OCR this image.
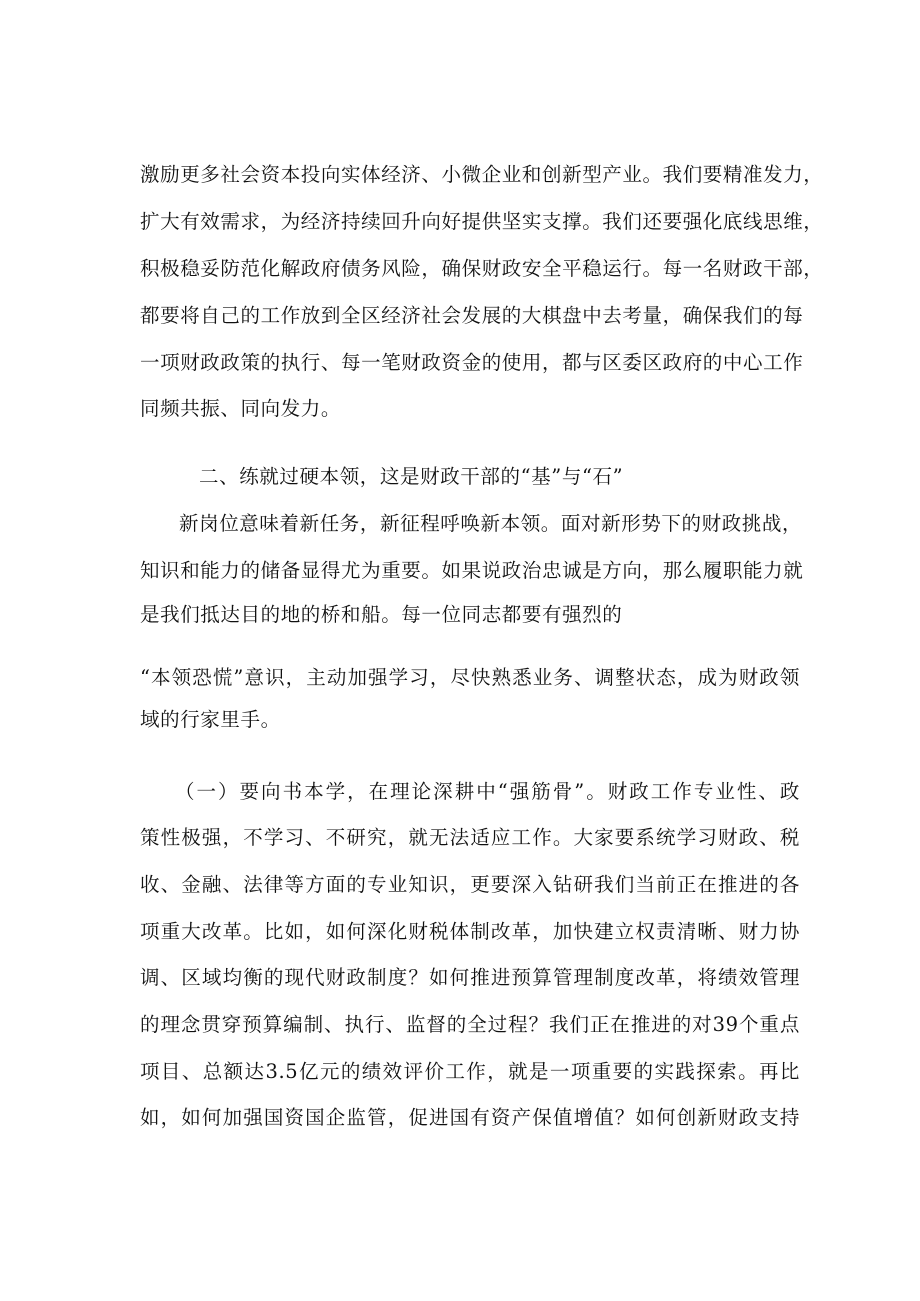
激励更多社会资本投向实体经济、小微企业和创新型产业。我们要精准发力，
扩大有效需求，为经济持续回升向好提供坚实支撑。我们还要强化底线思维，
积极稳妥防范化解政府债务风险，确保财政安全平稳运行。每一名财政干部，
都要将自己的工作放到全区经济社会发展的大棋盘中去考量，确保我们的每
一项财政政策的执行、每一笔财政资金的使用，都与区委区政府的中心工作
同频共振、同向发力。
二、练就过硬本领，这是财政干部的“基”与“石”
新岗位意味着新任务，新征程呼唤新本领。面对新形势下的财政挑战，
知识和能力的储备显得尤为重要。如果说政治忠诚是方向，那么履职能力就
是我们抵达目的地的桥和船。每一位同志都要有强烈的
“本领恐慌”意识，主动加强学习，尽快熟悉业务、调整状态，成为财政领
域的行家里手。
（一）要向书本学，在理论深耕中“强筋骨”。财政工作专业性、政
策性极强，不学习、不研究，就无法适应工作。大家要系统学习财政、税
收、金融、法律等方面的专业知识，更要深入钻研我们当前正在推进的各
项重大改革。比如，如何深化财税体制改革，加快建立权责清晰、财力协
调、区域均衡的现代财政制度？如何推进预算管理制度改革，将绩效管理
的理念贯穿预算编制、执行、监督的全过程？我们正在推进的对39个重点
项目、总额达3.5亿元的绩效评价工作，就是一项重要的实践探索。再比
如，如何加强国资国企监管，促进国有资产保值增值？如何创新财政支持
